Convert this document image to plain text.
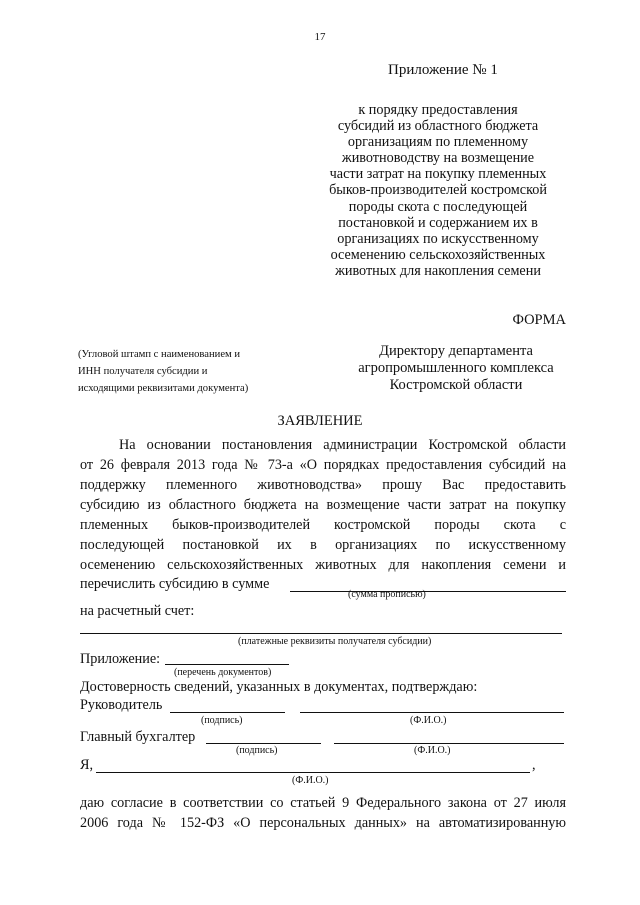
17
Приложение № 1
к порядку предоставления
субсидий из областного бюджета
организациям по племенному
животноводству на возмещение
части затрат на покупку племенных
быков-производителей костромской
породы скота с последующей
постановкой и содержанием их в
организациях по искусственному
осеменению сельскохозяйственных
животных для накопления семени
ФОРМА
(Угловой штамп с наименованием и
ИНН получателя субсидии и
исходящими реквизитами документа)
Директору департамента
агропромышленного комплекса
Костромской области
ЗАЯВЛЕНИЕ
На основании постановления администрации Костромской области
от 26 февраля 2013 года № 73-а «О порядках предоставления субсидий на
поддержку племенного животноводства» прошу Вас предоставить
субсидию из областного бюджета на возмещение части затрат на покупку
племенных быков-производителей костромской породы скота с
последующей постановкой их в организациях по искусственному
осеменению сельскохозяйственных животных для накопления семени и
перечислить субсидию в сумме
(сумма прописью)
на расчетный счет:
(платежные реквизиты получателя субсидии)
Приложение:
(перечень документов)
Достоверность сведений, указанных в документах, подтверждаю:
Руководитель
(подпись)	(Ф.И.О.)
Главный бухгалтер
(подпись)	(Ф.И.О.)
Я,	,
(Ф.И.О.)
даю согласие в соответствии со статьей 9 Федерального закона от 27 июля
2006 года № 152-ФЗ «О персональных данных» на автоматизированную
